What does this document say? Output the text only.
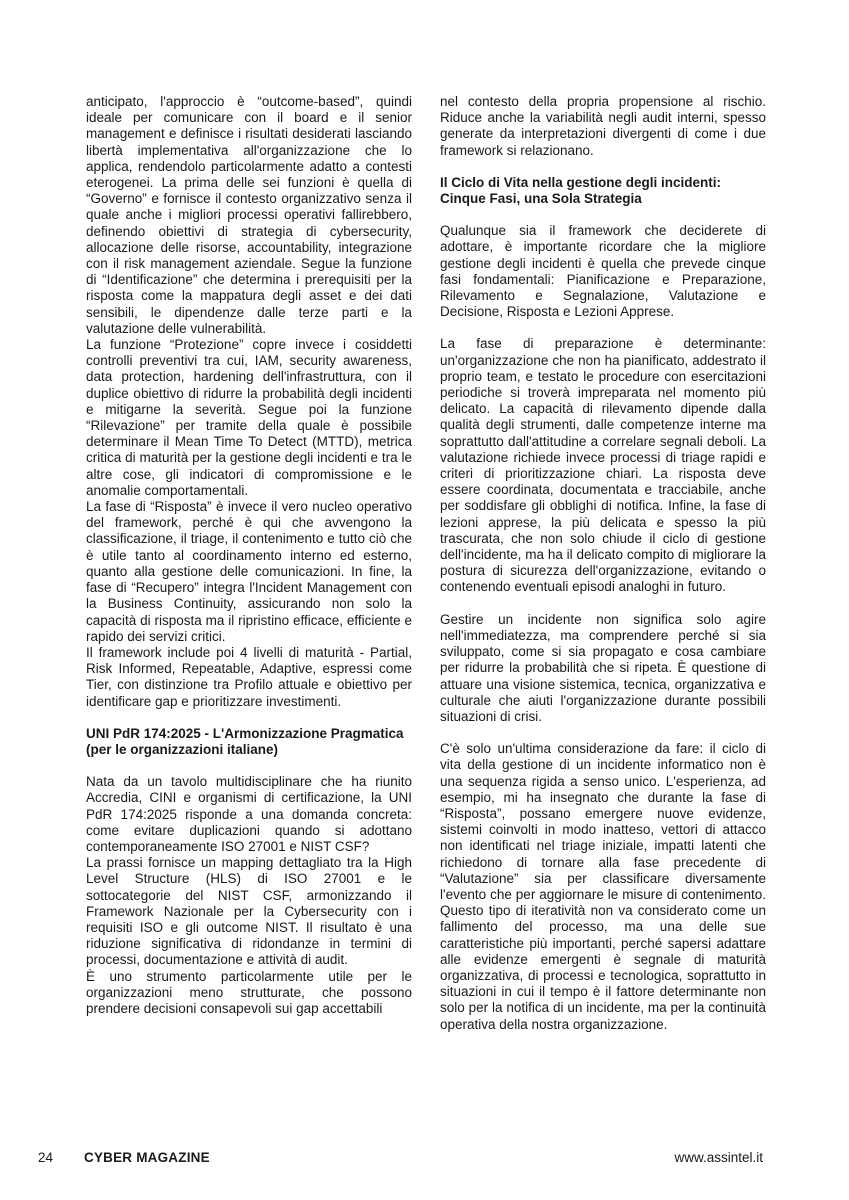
anticipato, l'approccio è “outcome-based”, quindi ideale per comunicare con il board e il senior management e definisce i risultati desiderati lasciando libertà implementativa all'organizzazione che lo applica, rendendolo particolarmente adatto a contesti eterogenei. La prima delle sei funzioni è quella di “Governo” e fornisce il contesto organizzativo senza il quale anche i migliori processi operativi fallirebbero, definendo obiettivi di strategia di cybersecurity, allocazione delle risorse, accountability, integrazione con il risk management aziendale. Segue la funzione di “Identificazione” che determina i prerequisiti per la risposta come la mappatura degli asset e dei dati sensibili, le dipendenze dalle terze parti e la valutazione delle vulnerabilità.

La funzione “Protezione” copre invece i cosiddetti controlli preventivi tra cui, IAM, security awareness, data protection, hardening dell'infrastruttura, con il duplice obiettivo di ridurre la probabilità degli incidenti e mitigarne la severità. Segue poi la funzione “Rilevazione” per tramite della quale è possibile determinare il Mean Time To Detect (MTTD), metrica critica di maturità per la gestione degli incidenti e tra le altre cose, gli indicatori di compromissione e le anomalie comportamentali.

La fase di “Risposta” è invece il vero nucleo operativo del framework, perché è qui che avvengono la classificazione, il triage, il contenimento e tutto ciò che è utile tanto al coordinamento interno ed esterno, quanto alla gestione delle comunicazioni. In fine, la fase di “Recupero” integra l'Incident Management con la Business Continuity, assicurando non solo la capacità di risposta ma il ripristino efficace, efficiente e rapido dei servizi critici.

Il framework include poi 4 livelli di maturità - Partial, Risk Informed, Repeatable, Adaptive, espressi come Tier, con distinzione tra Profilo attuale e obiettivo per identificare gap e prioritizzare investimenti.

UNI PdR 174:2025 - L'Armonizzazione Pragmatica (per le organizzazioni italiane)

Nata da un tavolo multidisciplinare che ha riunito Accredia, CINI e organismi di certificazione, la UNI PdR 174:2025 risponde a una domanda concreta: come evitare duplicazioni quando si adottano contemporaneamente ISO 27001 e NIST CSF?

La prassi fornisce un mapping dettagliato tra la High Level Structure (HLS) di ISO 27001 e le sottocategorie del NIST CSF, armonizzando il Framework Nazionale per la Cybersecurity con i requisiti ISO e gli outcome NIST. Il risultato è una riduzione significativa di ridondanze in termini di processi, documentazione e attività di audit.

È uno strumento particolarmente utile per le organizzazioni meno strutturate, che possono prendere decisioni consapevoli sui gap accettabili

nel contesto della propria propensione al rischio. Riduce anche la variabilità negli audit interni, spesso generate da interpretazioni divergenti di come i due framework si relazionano.

Il Ciclo di Vita nella gestione degli incidenti: Cinque Fasi, una Sola Strategia

Qualunque sia il framework che deciderete di adottare, è importante ricordare che la migliore gestione degli incidenti è quella che prevede cinque fasi fondamentali: Pianificazione e Preparazione, Rilevamento e Segnalazione, Valutazione e Decisione, Risposta e Lezioni Apprese.

La fase di preparazione è determinante: un'organizzazione che non ha pianificato, addestrato il proprio team, e testato le procedure con esercitazioni periodiche si troverà impreparata nel momento più delicato. La capacità di rilevamento dipende dalla qualità degli strumenti, dalle competenze interne ma soprattutto dall'attitudine a correlare segnali deboli. La valutazione richiede invece processi di triage rapidi e criteri di prioritizzazione chiari. La risposta deve essere coordinata, documentata e tracciabile, anche per soddisfare gli obblighi di notifica. Infine, la fase di lezioni apprese, la più delicata e spesso la più trascurata, che non solo chiude il ciclo di gestione dell'incidente, ma ha il delicato compito di migliorare la postura di sicurezza dell'organizzazione, evitando o contenendo eventuali episodi analoghi in futuro.

Gestire un incidente non significa solo agire nell'immediatezza, ma comprendere perché si sia sviluppato, come si sia propagato e cosa cambiare per ridurre la probabilità che si ripeta. È questione di attuare una visione sistemica, tecnica, organizzativa e culturale che aiuti l'organizzazione durante possibili situazioni di crisi.

C'è solo un'ultima considerazione da fare: il ciclo di vita della gestione di un incidente informatico non è una sequenza rigida a senso unico. L'esperienza, ad esempio, mi ha insegnato che durante la fase di “Risposta”, possano emergere nuove evidenze, sistemi coinvolti in modo inatteso, vettori di attacco non identificati nel triage iniziale, impatti latenti che richiedono di tornare alla fase precedente di “Valutazione” sia per classificare diversamente l'evento che per aggiornare le misure di contenimento. Questo tipo di iteratività non va considerato come un fallimento del processo, ma una delle sue caratteristiche più importanti, perché sapersi adattare alle evidenze emergenti è segnale di maturità organizzativa, di processi e tecnologica, soprattutto in situazioni in cui il tempo è il fattore determinante non solo per la notifica di un incidente, ma per la continuità operativa della nostra organizzazione.

24	CYBER MAGAZINE	www.assintel.it
